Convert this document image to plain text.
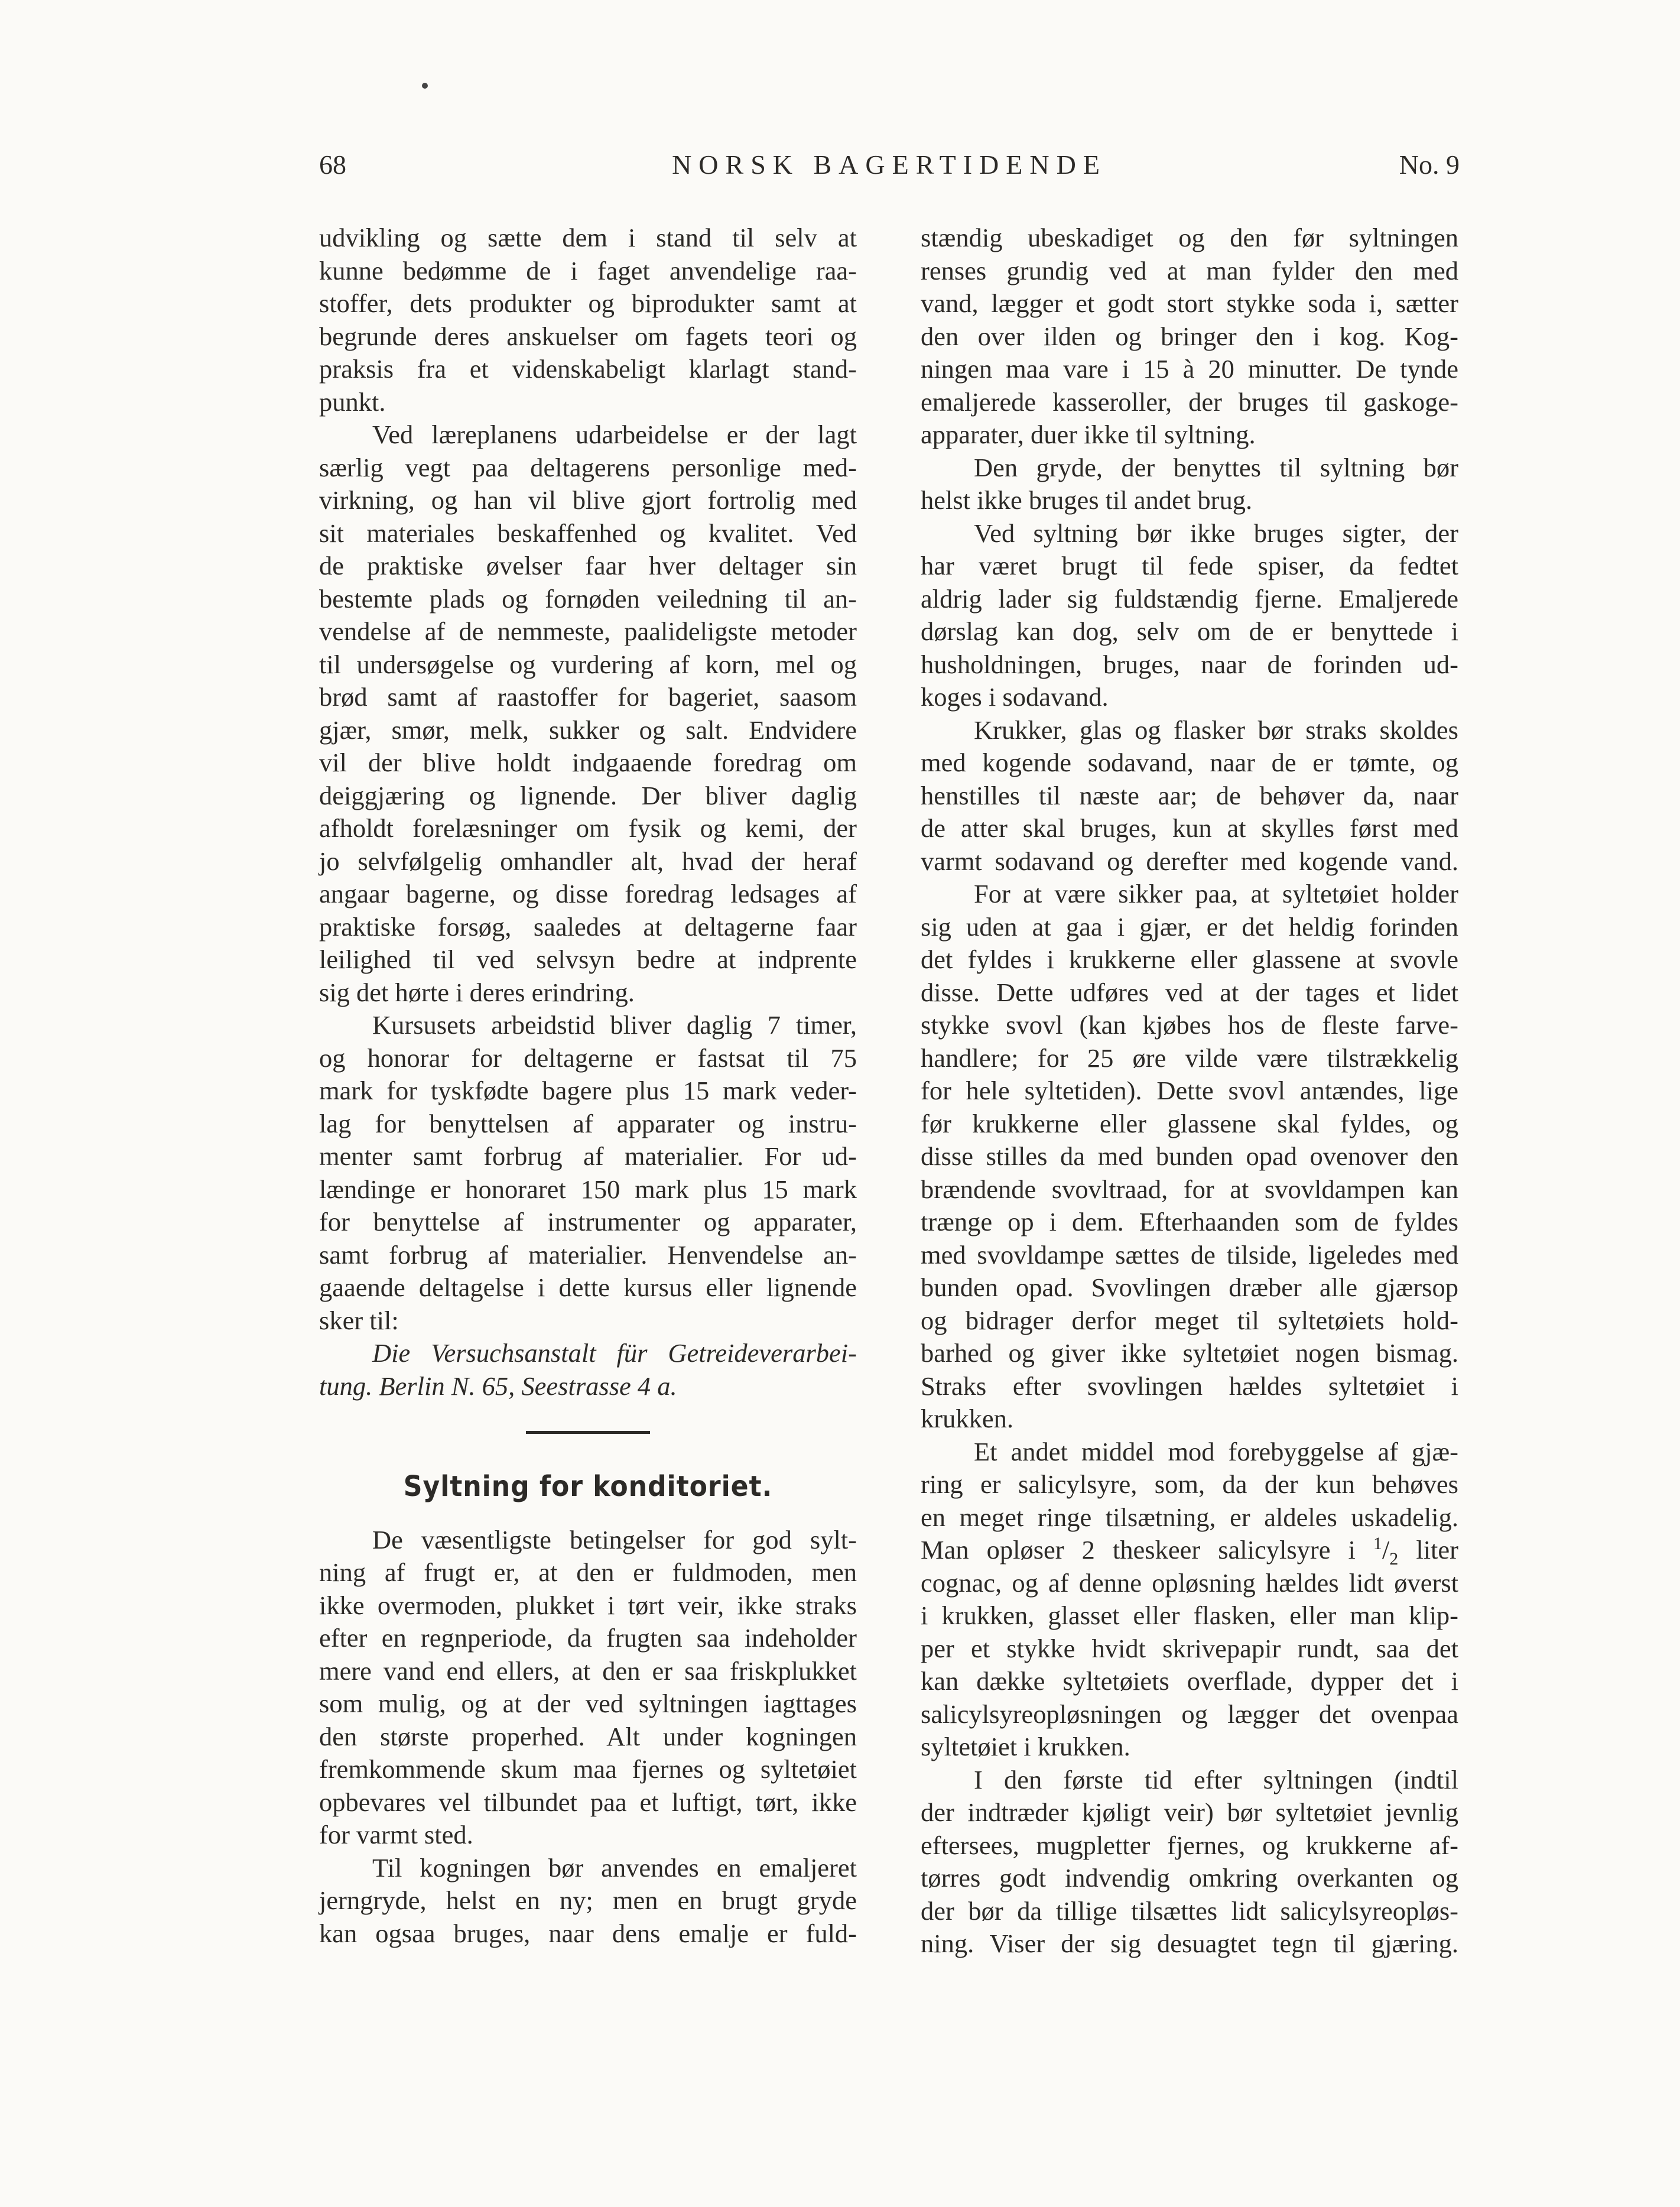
68	NORSK BAGERTIDENDE	No. 9
udvikling og sætte dem i stand til selv at
kunne bedømme de i faget anvendelige raa-
stoffer, dets produkter og biprodukter samt at
begrunde deres anskuelser om fagets teori og
praksis fra et videnskabeligt klarlagt stand-
punkt.
Ved læreplanens udarbeidelse er der lagt
særlig vegt paa deltagerens personlige med-
virkning, og han vil blive gjort fortrolig med
sit materiales beskaffenhed og kvalitet. Ved
de praktiske øvelser faar hver deltager sin
bestemte plads og fornøden veiledning til an-
vendelse af de nemmeste, paalideligste metoder
til undersøgelse og vurdering af korn, mel og
brød samt af raastoffer for bageriet, saasom
gjær, smør, melk, sukker og salt. Endvidere
vil der blive holdt indgaaende foredrag om
deiggjæring og lignende. Der bliver daglig
afholdt forelæsninger om fysik og kemi, der
jo selvfølgelig omhandler alt, hvad der heraf
angaar bagerne, og disse foredrag ledsages af
praktiske forsøg, saaledes at deltagerne faar
leilighed til ved selvsyn bedre at indprente
sig det hørte i deres erindring.
Kursusets arbeidstid bliver daglig 7 timer,
og honorar for deltagerne er fastsat til 75
mark for tyskfødte bagere plus 15 mark veder-
lag for benyttelsen af apparater og instru-
menter samt forbrug af materialier. For ud-
lændinge er honoraret 150 mark plus 15 mark
for benyttelse af instrumenter og apparater,
samt forbrug af materialier. Henvendelse an-
gaaende deltagelse i dette kursus eller lignende
sker til:
Die Versuchsanstalt für Getreideverarbei-
tung. Berlin N. 65, Seestrasse 4 a.
Syltning for konditoriet.
De væsentligste betingelser for god sylt-
ning af frugt er, at den er fuldmoden, men
ikke overmoden, plukket i tørt veir, ikke straks
efter en regnperiode, da frugten saa indeholder
mere vand end ellers, at den er saa friskplukket
som mulig, og at der ved syltningen iagttages
den største properhed. Alt under kogningen
fremkommende skum maa fjernes og syltetøiet
opbevares vel tilbundet paa et luftigt, tørt, ikke
for varmt sted.
Til kogningen bør anvendes en emaljeret
jerngryde, helst en ny; men en brugt gryde
kan ogsaa bruges, naar dens emalje er fuld-
stændig ubeskadiget og den før syltningen
renses grundig ved at man fylder den med
vand, lægger et godt stort stykke soda i, sætter
den over ilden og bringer den i kog. Kog-
ningen maa vare i 15 à 20 minutter. De tynde
emaljerede kasseroller, der bruges til gaskoge-
apparater, duer ikke til syltning.
Den gryde, der benyttes til syltning bør
helst ikke bruges til andet brug.
Ved syltning bør ikke bruges sigter, der
har været brugt til fede spiser, da fedtet
aldrig lader sig fuldstændig fjerne. Emaljerede
dørslag kan dog, selv om de er benyttede i
husholdningen, bruges, naar de forinden ud-
koges i sodavand.
Krukker, glas og flasker bør straks skoldes
med kogende sodavand, naar de er tømte, og
henstilles til næste aar; de behøver da, naar
de atter skal bruges, kun at skylles først med
varmt sodavand og derefter med kogende vand.
For at være sikker paa, at syltetøiet holder
sig uden at gaa i gjær, er det heldig forinden
det fyldes i krukkerne eller glassene at svovle
disse. Dette udføres ved at der tages et lidet
stykke svovl (kan kjøbes hos de fleste farve-
handlere; for 25 øre vilde være tilstrækkelig
for hele syltetiden). Dette svovl antændes, lige
før krukkerne eller glassene skal fyldes, og
disse stilles da med bunden opad ovenover den
brændende svovltraad, for at svovldampen kan
trænge op i dem. Efterhaanden som de fyldes
med svovldampe sættes de tilside, ligeledes med
bunden opad. Svovlingen dræber alle gjærsop
og bidrager derfor meget til syltetøiets hold-
barhed og giver ikke syltetøiet nogen bismag.
Straks efter svovlingen hældes syltetøiet i
krukken.
Et andet middel mod forebyggelse af gjæ-
ring er salicylsyre, som, da der kun behøves
en meget ringe tilsætning, er aldeles uskadelig.
Man opløser 2 theskeer salicylsyre i $^1/_2$ liter
cognac, og af denne opløsning hældes lidt øverst
i krukken, glasset eller flasken, eller man klip-
per et stykke hvidt skrivepapir rundt, saa det
kan dække syltetøiets overflade, dypper det i
salicylsyreopløsningen og lægger det ovenpaa
syltetøiet i krukken.
I den første tid efter syltningen (indtil
der indtræder kjøligt veir) bør syltetøiet jevnlig
eftersees, mugpletter fjernes, og krukkerne af-
tørres godt indvendig omkring overkanten og
der bør da tillige tilsættes lidt salicylsyreopløs-
ning. Viser der sig desuagtet tegn til gjæring.
